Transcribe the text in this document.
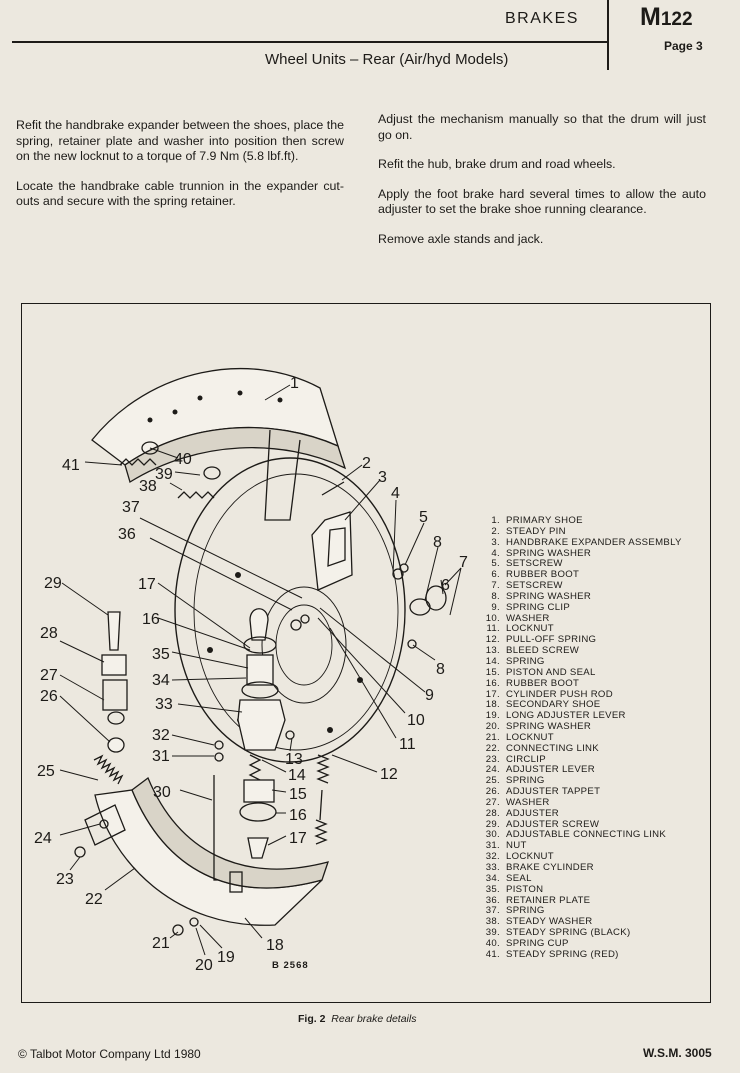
BRAKES M122
Page 3
Wheel Units – Rear (Air/hyd Models)

Refit the handbrake expander between the shoes, place the spring, retainer plate and washer into position then screw on the new locknut to a torque of 7.9 Nm (5.8 lbf.ft).

Locate the handbrake cable trunnion in the expander cut-outs and secure with the spring retainer.

Adjust the mechanism manually so that the drum will just go on.

Refit the hub, brake drum and road wheels.

Apply the foot brake hard several times to allow the auto adjuster to set the brake shoe running clearance.

Remove axle stands and jack.

1
2
3
4
5
6
7
8
8
9
10
11
12
13
14
15
16
16
17
17
18
19
20
21
22
23
24
25
26
27
28
29
30
31
32
33
34
35
36
37
38
39
40
41
1. PRIMARY SHOE
2. STEADY PIN
3. HANDBRAKE EXPANDER ASSEMBLY
4. SPRING WASHER
5. SETSCREW
6. RUBBER BOOT
7. SETSCREW
8. SPRING WASHER
9. SPRING CLIP
10. WASHER
11. LOCKNUT
12. PULL-OFF SPRING
13. BLEED SCREW
14. SPRING
15. PISTON AND SEAL
16. RUBBER BOOT
17. CYLINDER PUSH ROD
18. SECONDARY SHOE
19. LONG ADJUSTER LEVER
20. SPRING WASHER
21. LOCKNUT
22. CONNECTING LINK
23. CIRCLIP
24. ADJUSTER LEVER
25. SPRING
26. ADJUSTER TAPPET
27. WASHER
28. ADJUSTER
29. ADJUSTER SCREW
30. ADJUSTABLE CONNECTING LINK
31. NUT
32. LOCKNUT
33. BRAKE CYLINDER
34. SEAL
35. PISTON
36. RETAINER PLATE
37. SPRING
38. STEADY WASHER
39. STEADY SPRING (BLACK)
40. SPRING CUP
41. STEADY SPRING (RED)
B 2568
Fig. 2 Rear brake details
© Talbot Motor Company Ltd 1980	W.S.M. 3005
